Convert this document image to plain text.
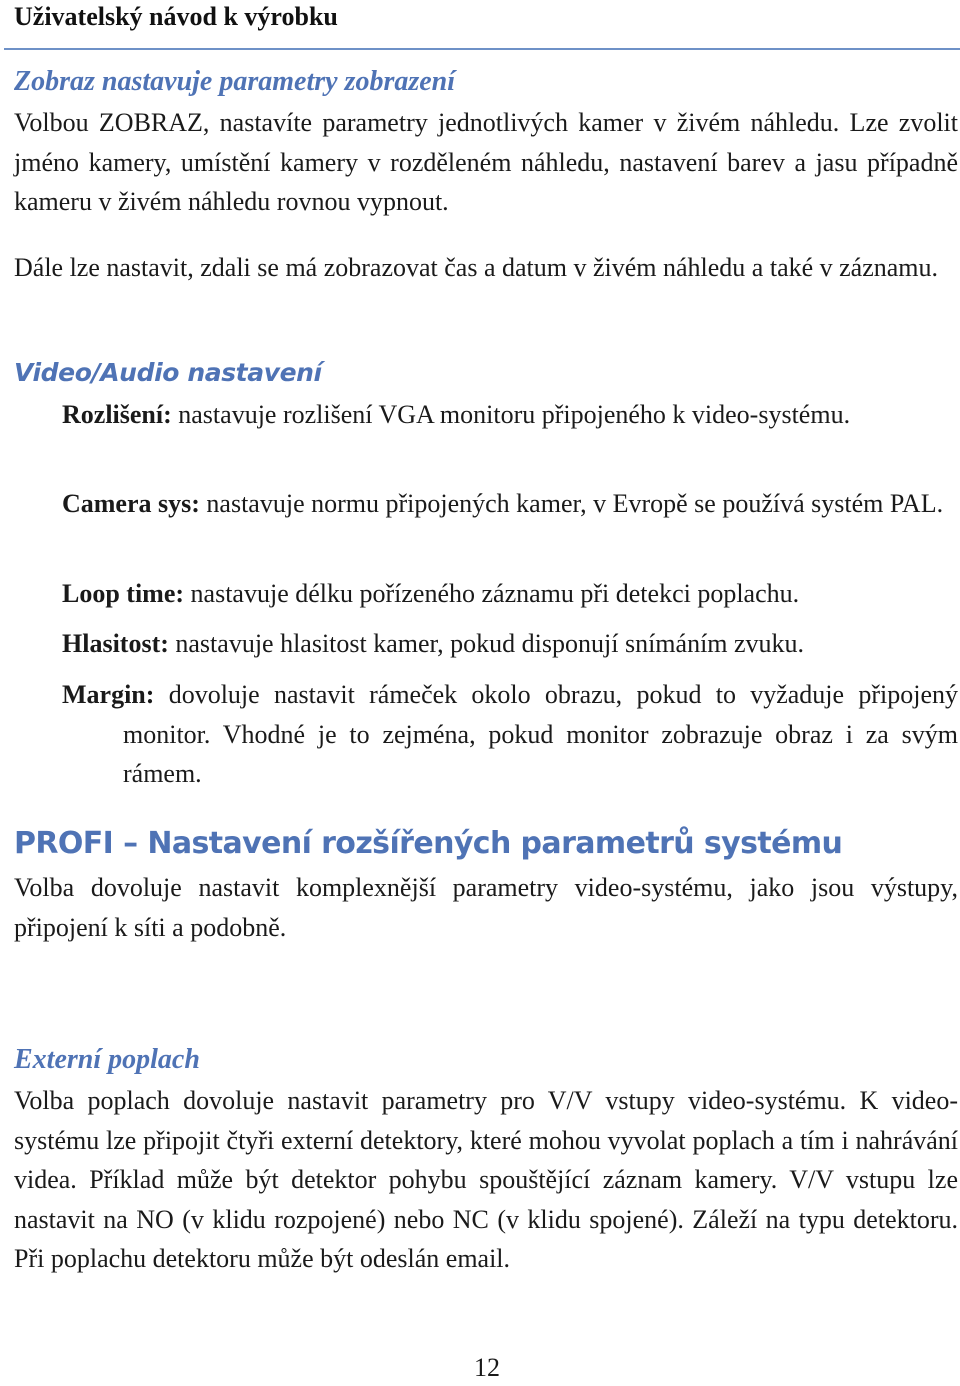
Uživatelský návod k výrobku
Zobraz nastavuje parametry zobrazení

Volbou ZOBRAZ, nastavíte parametry jednotlivých kamer v živém náhledu. Lze zvolit jméno kamery, umístění kamery v rozděleném náhledu, nastavení barev a jasu případně kameru v živém náhledu rovnou vypnout.

Dále lze nastavit, zdali se má zobrazovat čas a datum v živém náhledu a také v záznamu.

Video/Audio nastavení

Rozlišení: nastavuje rozlišení VGA monitoru připojeného k video-systému.

Camera sys: nastavuje normu připojených kamer, v Evropě se používá systém PAL.

Loop time: nastavuje délku pořízeného záznamu při detekci poplachu.

Hlasitost: nastavuje hlasitost kamer, pokud disponují snímáním zvuku.

Margin: dovoluje nastavit rámeček okolo obrazu, pokud to vyžaduje připojený monitor. Vhodné je to zejména, pokud monitor zobrazuje obraz i za svým rámem.

PROFI – Nastavení rozšířených parametrů systému

Volba dovoluje nastavit komplexnější parametry video-systému, jako jsou výstupy, připojení k síti a podobně.

Externí poplach

Volba poplach dovoluje nastavit parametry pro V/V vstupy video-systému. K video-systému lze připojit čtyři externí detektory, které mohou vyvolat poplach a tím i nahrávání videa. Příklad může být detektor pohybu spouštějící záznam kamery. V/V vstupu lze nastavit na NO (v klidu rozpojené) nebo NC (v klidu spojené). Záleží na typu detektoru. Při poplachu detektoru může být odeslán email.

12
